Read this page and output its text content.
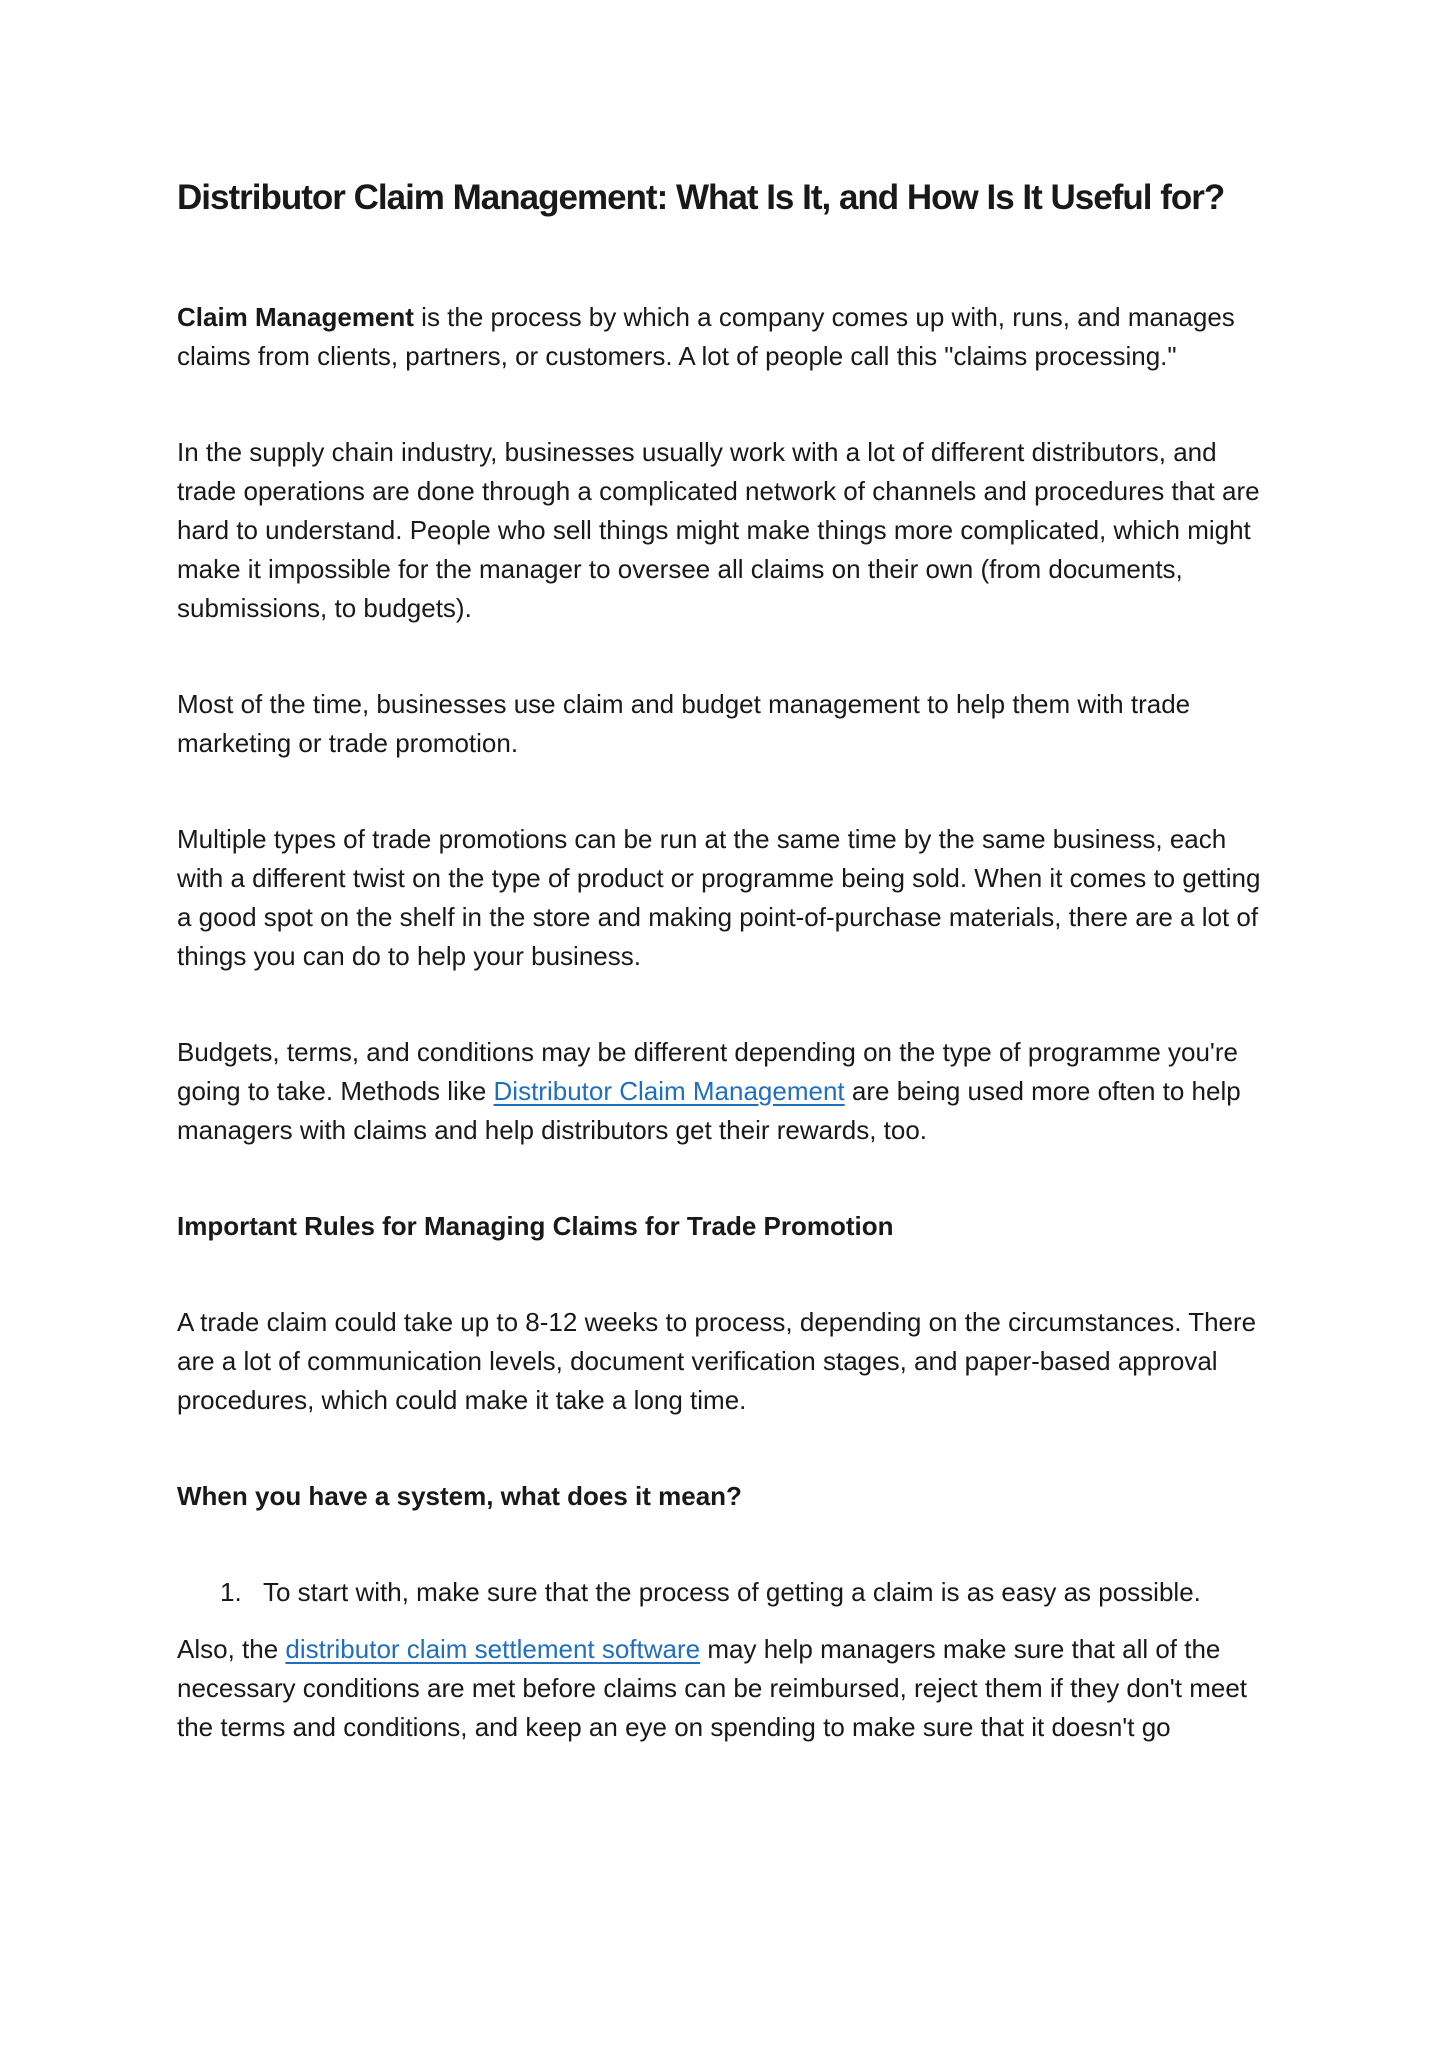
Distributor Claim Management: What Is It, and How Is It Useful for?

Claim Management is the process by which a company comes up with, runs, and manages claims from clients, partners, or customers. A lot of people call this "claims processing."

In the supply chain industry, businesses usually work with a lot of different distributors, and trade operations are done through a complicated network of channels and procedures that are hard to understand. People who sell things might make things more complicated, which might make it impossible for the manager to oversee all claims on their own (from documents, submissions, to budgets).

Most of the time, businesses use claim and budget management to help them with trade marketing or trade promotion.

Multiple types of trade promotions can be run at the same time by the same business, each with a different twist on the type of product or programme being sold. When it comes to getting a good spot on the shelf in the store and making point-of-purchase materials, there are a lot of things you can do to help your business.

Budgets, terms, and conditions may be different depending on the type of programme you're going to take. Methods like Distributor Claim Management are being used more often to help managers with claims and help distributors get their rewards, too.

Important Rules for Managing Claims for Trade Promotion

A trade claim could take up to 8-12 weeks to process, depending on the circumstances. There are a lot of communication levels, document verification stages, and paper-based approval procedures, which could make it take a long time.

When you have a system, what does it mean?
1. To start with, make sure that the process of getting a claim is as easy as possible.

Also, the distributor claim settlement software may help managers make sure that all of the necessary conditions are met before claims can be reimbursed, reject them if they don't meet the terms and conditions, and keep an eye on spending to make sure that it doesn't go
